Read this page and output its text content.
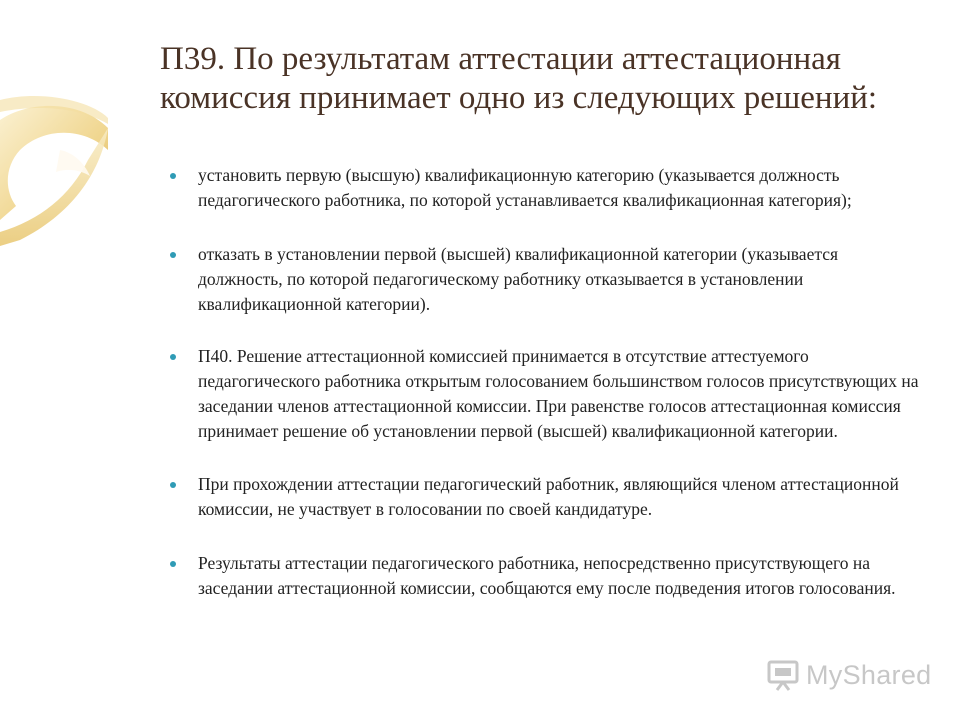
П39. По результатам аттестации аттестационная комиссия принимает одно из следующих решений:
установить первую (высшую) квалификационную категорию (указывается должность педагогического работника, по которой устанавливается квалификационная категория);
отказать в установлении первой (высшей) квалификационной категории (указывается должность, по которой педагогическому работнику отказывается в установлении квалификационной категории).
П40. Решение аттестационной комиссией принимается в отсутствие аттестуемого педагогического работника открытым голосованием большинством голосов присутствующих на заседании членов аттестационной комиссии. При равенстве голосов аттестационная комиссия принимает решение об установлении первой (высшей) квалификационной категории.
При прохождении аттестации педагогический работник, являющийся членом аттестационной комиссии, не участвует в голосовании по своей кандидатуре.
Результаты аттестации педагогического работника, непосредственно присутствующего на заседании аттестационной комиссии, сообщаются ему после подведения итогов голосования.
MyShared
